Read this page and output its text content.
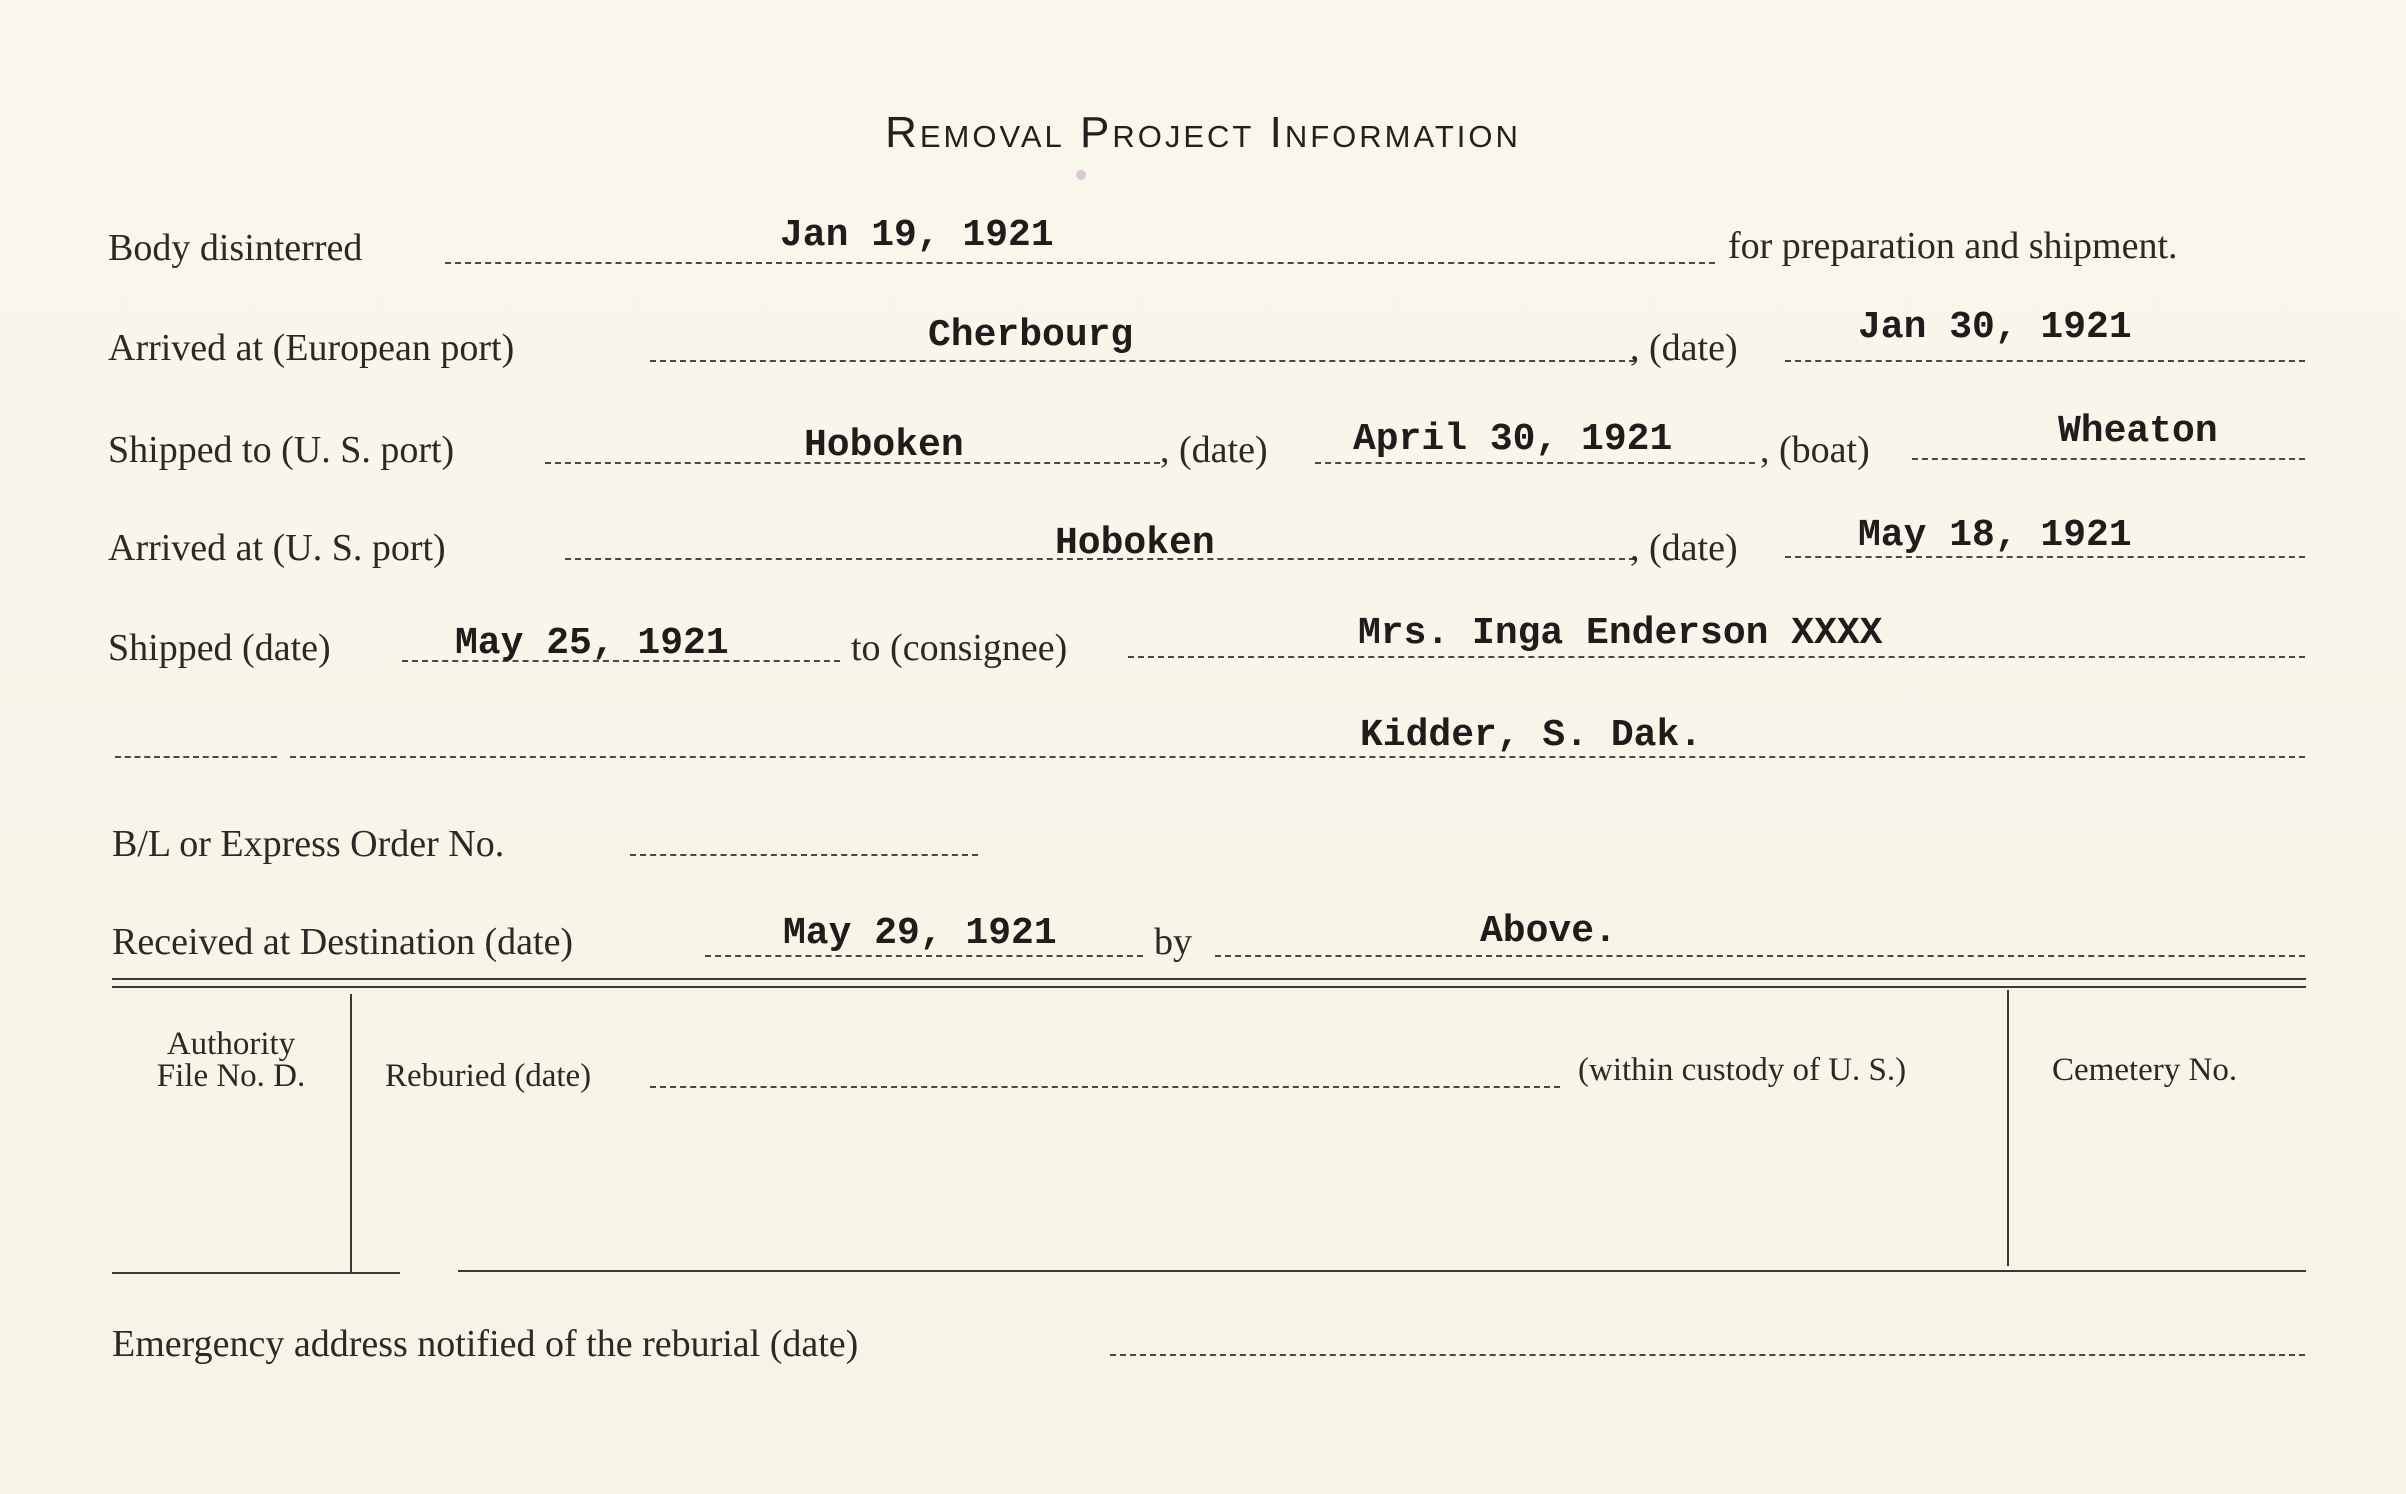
Removal Project Information
Body disinterred	Jan 19, 1921	for preparation and shipment.
Arrived at (European port)	Cherbourg	, (date)	Jan 30, 1921
Shipped to (U. S. port)	Hoboken	, (date) April 30, 1921 , (boat)	Wheaton
Arrived at (U. S. port)	Hoboken	, (date)	May 18, 1921
Shipped (date)	May 25, 1921	to (consignee)	Mrs. Inga Enderson XXXX
Kidder, S. Dak.
B/L or Express Order No.
Received at Destination (date)	May 29, 1921	by	Above.
Authority
File No. D.	Reburied (date)	(within custody of U. S.)	Cemetery No.
Emergency address notified of the reburial (date)
